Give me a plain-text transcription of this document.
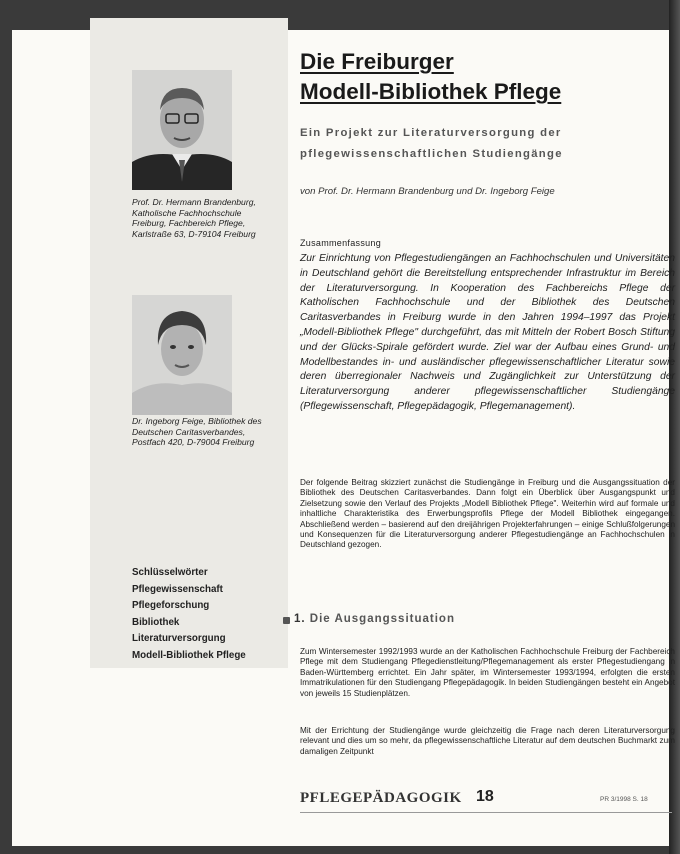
Prof. Dr. Hermann Brandenburg, Katholische Fachhochschule Freiburg, Fachbereich Pflege, Karlstraße 63, D-79104 Freiburg
Dr. Ingeborg Feige, Bibliothek des Deutschen Caritasverbandes, Postfach 420, D-79004 Freiburg
Schlüsselwörter
Pflegewissenschaft
Pflegeforschung
Bibliothek
Literaturversorgung
Modell-Bibliothek Pflege
Die Freiburger
Modell-Bibliothek Pflege
Ein Projekt zur Literaturversorgung der
pflegewissenschaftlichen Studiengänge
von Prof. Dr. Hermann Brandenburg und Dr. Ingeborg Feige
Zusammenfassung

Zur Einrichtung von Pflegestudiengängen an Fachhochschulen und Universitäten in Deutschland gehört die Bereitstellung entsprechender Infrastruktur im Bereich der Literaturversorgung. In Kooperation des Fachbereichs Pflege der Katholischen Fachhochschule und der Bibliothek des Deutschen Caritasverbandes in Freiburg wurde in den Jahren 1994–1997 das Projekt „Modell-Bibliothek Pflege" durchgeführt, das mit Mitteln der Robert Bosch Stiftung und der Glücks-Spirale gefördert wurde. Ziel war der Aufbau eines Grund- und Modellbestandes in- und ausländischer pflegewissenschaftlicher Literatur sowie deren überregionaler Nachweis und Zugänglichkeit zur Unterstützung der Literaturversorgung anderer pflegewissenschaftlicher Studiengänge (Pflegewissenschaft, Pflegepädagogik, Pflegemanagement).

Der folgende Beitrag skizziert zunächst die Studiengänge in Freiburg und die Ausgangssituation der Bibliothek des Deutschen Caritasverbandes. Dann folgt ein Überblick über Ausgangspunkt und Zielsetzung sowie den Verlauf des Projekts „Modell Bibliothek Pflege". Weiterhin wird auf formale und inhaltliche Charakteristika des Erwerbungsprofils Pflege der Modell Bibliothek eingegangen. Abschließend werden – basierend auf den dreijährigen Projekterfahrungen – einige Schlußfolgerungen und Konsequenzen für die Literaturversorgung anderer Pflegestudiengänge an Fachhochschulen in Deutschland gezogen.

1. Die Ausgangssituation

Zum Wintersemester 1992/1993 wurde an der Katholischen Fachhochschule Freiburg der Fachbereich Pflege mit dem Studiengang Pflegedienstleitung/Pflegemanagement als erster Pflegestudiengang in Baden-Württemberg errichtet. Ein Jahr später, im Wintersemester 1993/1994, erfolgten die ersten Immatrikulationen für den Studiengang Pflegepädagogik. In beiden Studiengängen besteht ein Angebot von jeweils 15 Studienplätzen.

Mit der Errichtung der Studiengänge wurde gleichzeitig die Frage nach deren Literaturversorgung relevant und dies um so mehr, da pflegewissenschaftliche Literatur auf dem deutschen Buchmarkt zum damaligen Zeitpunkt

PFLEGEPÄDAGOGIK 18	PR 3/1998 S. 18
